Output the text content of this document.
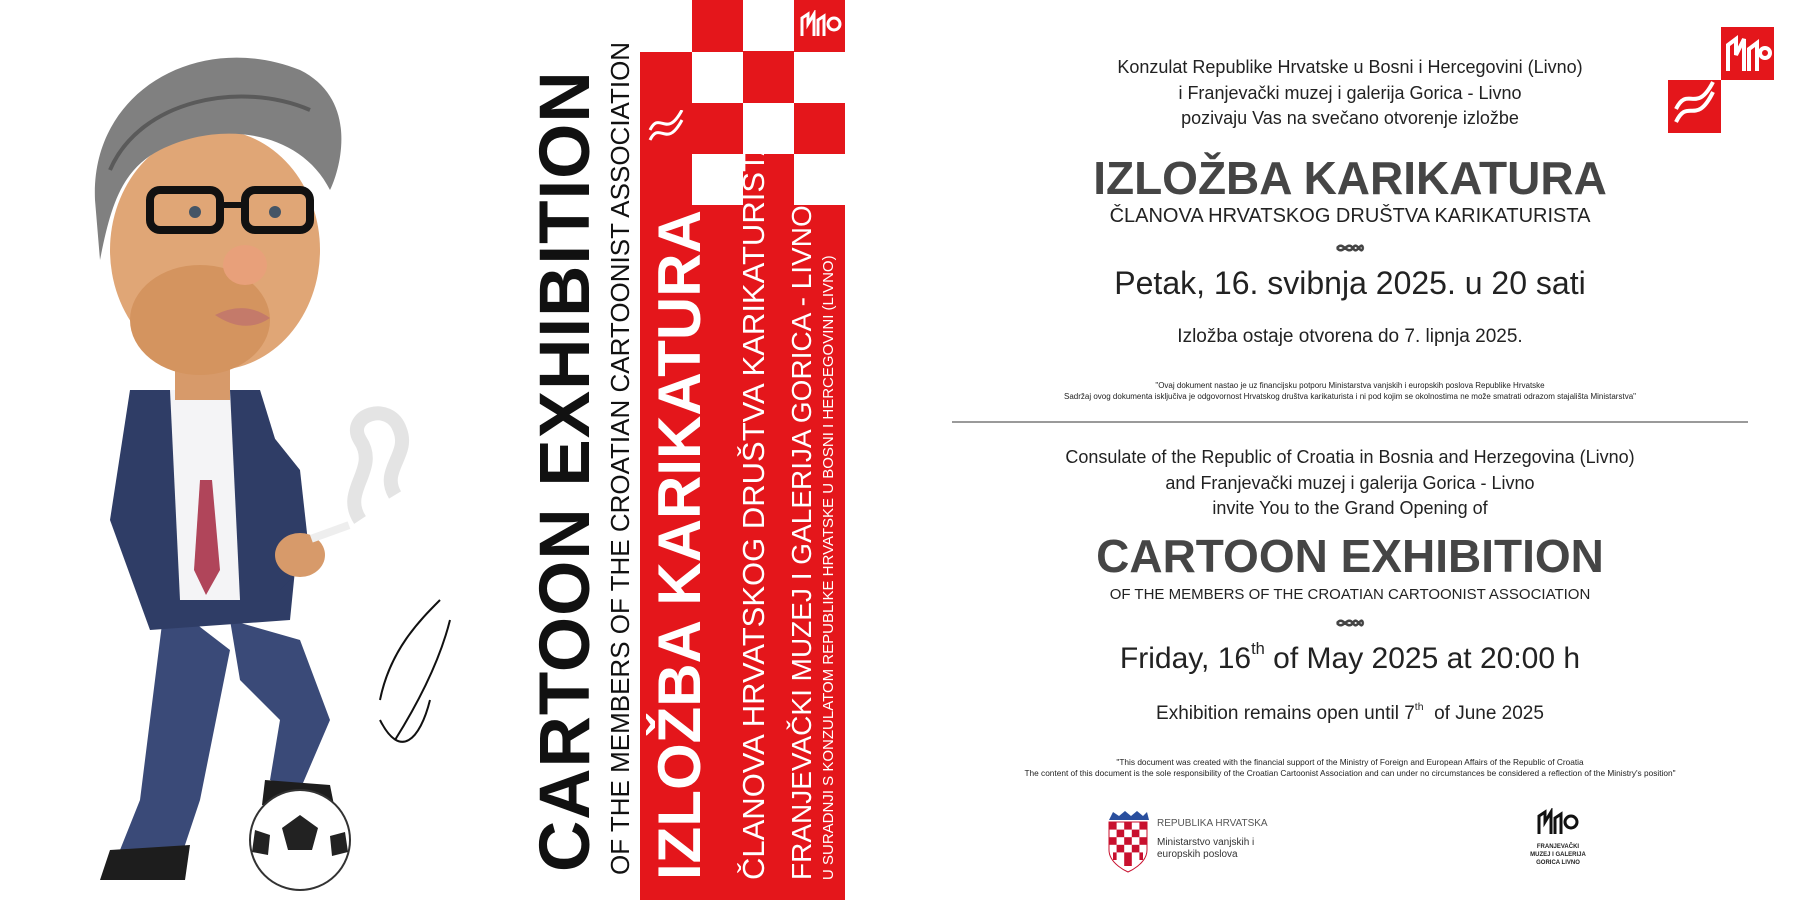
CARTOON EXHIBITION OF THE MEMBERS OF THE CROATIAN CARTOONIST ASSOCIATION IZLOŽBA KARIKATURA ČLANOVA HRVATSKOG DRUŠTVA KARIKATURISTA FRANJEVAČKI MUZEJ I GALERIJA GORICA - LIVNO U SURADNJI S KONZULATOM REPUBLIKE HRVATSKE U BOSNI I HERCEGOVINI (LIVNO)
Konzulat Republike Hrvatske u Bosni i Hercegovini (Livno)
i Franjevački muzej i galerija Gorica - Livno
pozivaju Vas na svečano otvorenje izložbe
IZLOŽBA KARIKATURA
ČLANOVA HRVATSKOG DRUŠTVA KARIKATURISTA
Petak, 16. svibnja 2025. u 20 sati
Izložba ostaje otvorena do 7. lipnja 2025.
"Ovaj dokument nastao je uz financijsku potporu Ministarstva vanjskih i europskih poslova Republike Hrvatske
Sadržaj ovog dokumenta isključiva je odgovornost Hrvatskog društva karikaturista i ni pod kojim se okolnostima ne može smatrati odrazom stajališta Ministarstva"
Consulate of the Republic of Croatia in Bosnia and Herzegovina (Livno)
and Franjevački muzej i galerija Gorica - Livno
invite You to the Grand Opening of
CARTOON EXHIBITION
OF THE MEMBERS OF THE CROATIAN CARTOONIST ASSOCIATION
Friday, 16th of May 2025 at 20:00 h
Exhibition remains open until 7th  of June 2025
"This document was created with the financial support of the Ministry of Foreign and European Affairs of the Republic of Croatia
The content of this document is the sole responsibility of the Croatian Cartoonist Association and can under no circumstances be considered a reflection of the Ministry's position"
REPUBLIKA HRVATSKA
Ministarstvo vanjskih i europskih poslova
FRANJEVAČKI
MUZEJ I GALERIJA
GORICA LIVNO
